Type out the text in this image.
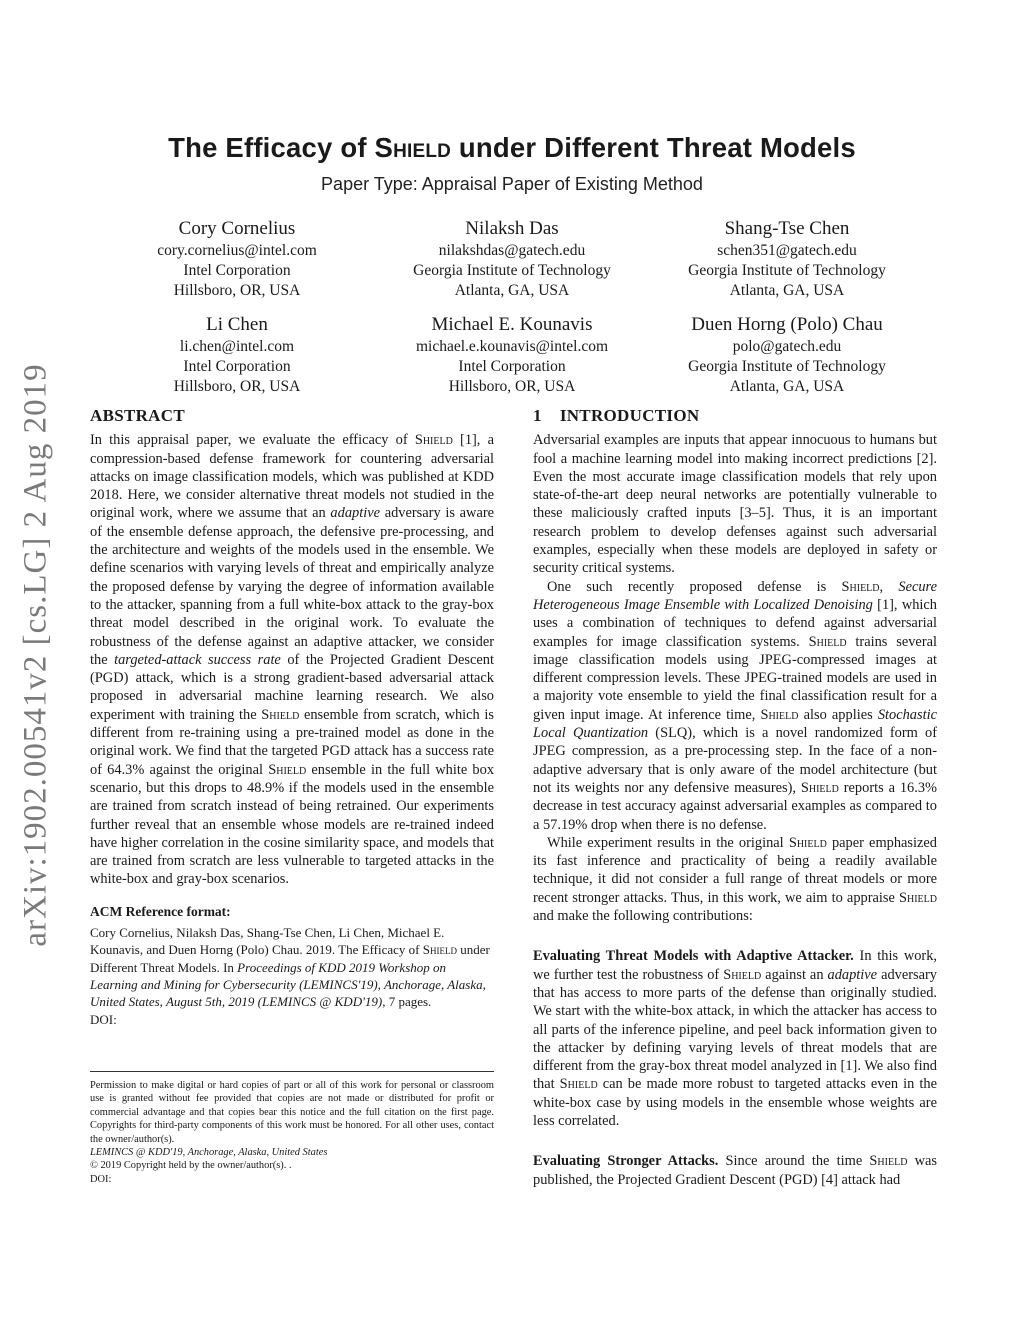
arXiv:1902.00541v2 [cs.LG] 2 Aug 2019
The Efficacy of Shield under Different Threat Models
Paper Type: Appraisal Paper of Existing Method
Cory Cornelius
cory.cornelius@intel.com
Intel Corporation
Hillsboro, OR, USA
Nilaksh Das
nilakshdas@gatech.edu
Georgia Institute of Technology
Atlanta, GA, USA
Shang-Tse Chen
schen351@gatech.edu
Georgia Institute of Technology
Atlanta, GA, USA
Li Chen
li.chen@intel.com
Intel Corporation
Hillsboro, OR, USA
Michael E. Kounavis
michael.e.kounavis@intel.com
Intel Corporation
Hillsboro, OR, USA
Duen Horng (Polo) Chau
polo@gatech.edu
Georgia Institute of Technology
Atlanta, GA, USA
ABSTRACT

In this appraisal paper, we evaluate the efficacy of Shield [1], a compression-based defense framework for countering adversarial attacks on image classification models, which was published at KDD 2018. Here, we consider alternative threat models not studied in the original work, where we assume that an adaptive adversary is aware of the ensemble defense approach, the defensive pre-processing, and the architecture and weights of the models used in the ensemble. We define scenarios with varying levels of threat and empirically analyze the proposed defense by varying the degree of information available to the attacker, spanning from a full white-box attack to the gray-box threat model described in the original work. To evaluate the robustness of the defense against an adaptive attacker, we consider the targeted-attack success rate of the Projected Gradient Descent (PGD) attack, which is a strong gradient-based adversarial attack proposed in adversarial machine learning research. We also experiment with training the Shield ensemble from scratch, which is different from re-training using a pre-trained model as done in the original work. We find that the targeted PGD attack has a success rate of 64.3% against the original Shield ensemble in the full white box scenario, but this drops to 48.9% if the models used in the ensemble are trained from scratch instead of being retrained. Our experiments further reveal that an ensemble whose models are re-trained indeed have higher correlation in the cosine similarity space, and models that are trained from scratch are less vulnerable to targeted attacks in the white-box and gray-box scenarios.

ACM Reference format:

Cory Cornelius, Nilaksh Das, Shang-Tse Chen, Li Chen, Michael E. Kounavis, and Duen Horng (Polo) Chau. 2019. The Efficacy of Shield under Different Threat Models. In Proceedings of KDD 2019 Workshop on Learning and Mining for Cybersecurity (LEMINCS'19), Anchorage, Alaska, United States, August 5th, 2019 (LEMINCS @ KDD'19), 7 pages.

DOI:
Permission to make digital or hard copies of part or all of this work for personal or classroom use is granted without fee provided that copies are not made or distributed for profit or commercial advantage and that copies bear this notice and the full citation on the first page. Copyrights for third-party components of this work must be honored. For all other uses, contact the owner/author(s).
LEMINCS @ KDD'19, Anchorage, Alaska, United States
© 2019 Copyright held by the owner/author(s). .
DOI:
1 INTRODUCTION

Adversarial examples are inputs that appear innocuous to humans but fool a machine learning model into making incorrect predictions [2]. Even the most accurate image classification models that rely upon state-of-the-art deep neural networks are potentially vulnerable to these maliciously crafted inputs [3–5]. Thus, it is an important research problem to develop defenses against such adversarial examples, especially when these models are deployed in safety or security critical systems.

One such recently proposed defense is Shield, Secure Heterogeneous Image Ensemble with Localized Denoising [1], which uses a combination of techniques to defend against adversarial examples for image classification systems. Shield trains several image classification models using JPEG-compressed images at different compression levels. These JPEG-trained models are used in a majority vote ensemble to yield the final classification result for a given input image. At inference time, Shield also applies Stochastic Local Quantization (SLQ), which is a novel randomized form of JPEG compression, as a pre-processing step. In the face of a non-adaptive adversary that is only aware of the model architecture (but not its weights nor any defensive measures), Shield reports a 16.3% decrease in test accuracy against adversarial examples as compared to a 57.19% drop when there is no defense.

While experiment results in the original Shield paper emphasized its fast inference and practicality of being a readily available technique, it did not consider a full range of threat models or more recent stronger attacks. Thus, in this work, we aim to appraise Shield and make the following contributions:

Evaluating Threat Models with Adaptive Attacker. In this work, we further test the robustness of Shield against an adaptive adversary that has access to more parts of the defense than originally studied. We start with the white-box attack, in which the attacker has access to all parts of the inference pipeline, and peel back information given to the attacker by defining varying levels of threat models that are different from the gray-box threat model analyzed in [1]. We also find that Shield can be made more robust to targeted attacks even in the white-box case by using models in the ensemble whose weights are less correlated.

Evaluating Stronger Attacks. Since around the time Shield was published, the Projected Gradient Descent (PGD) [4] attack had
